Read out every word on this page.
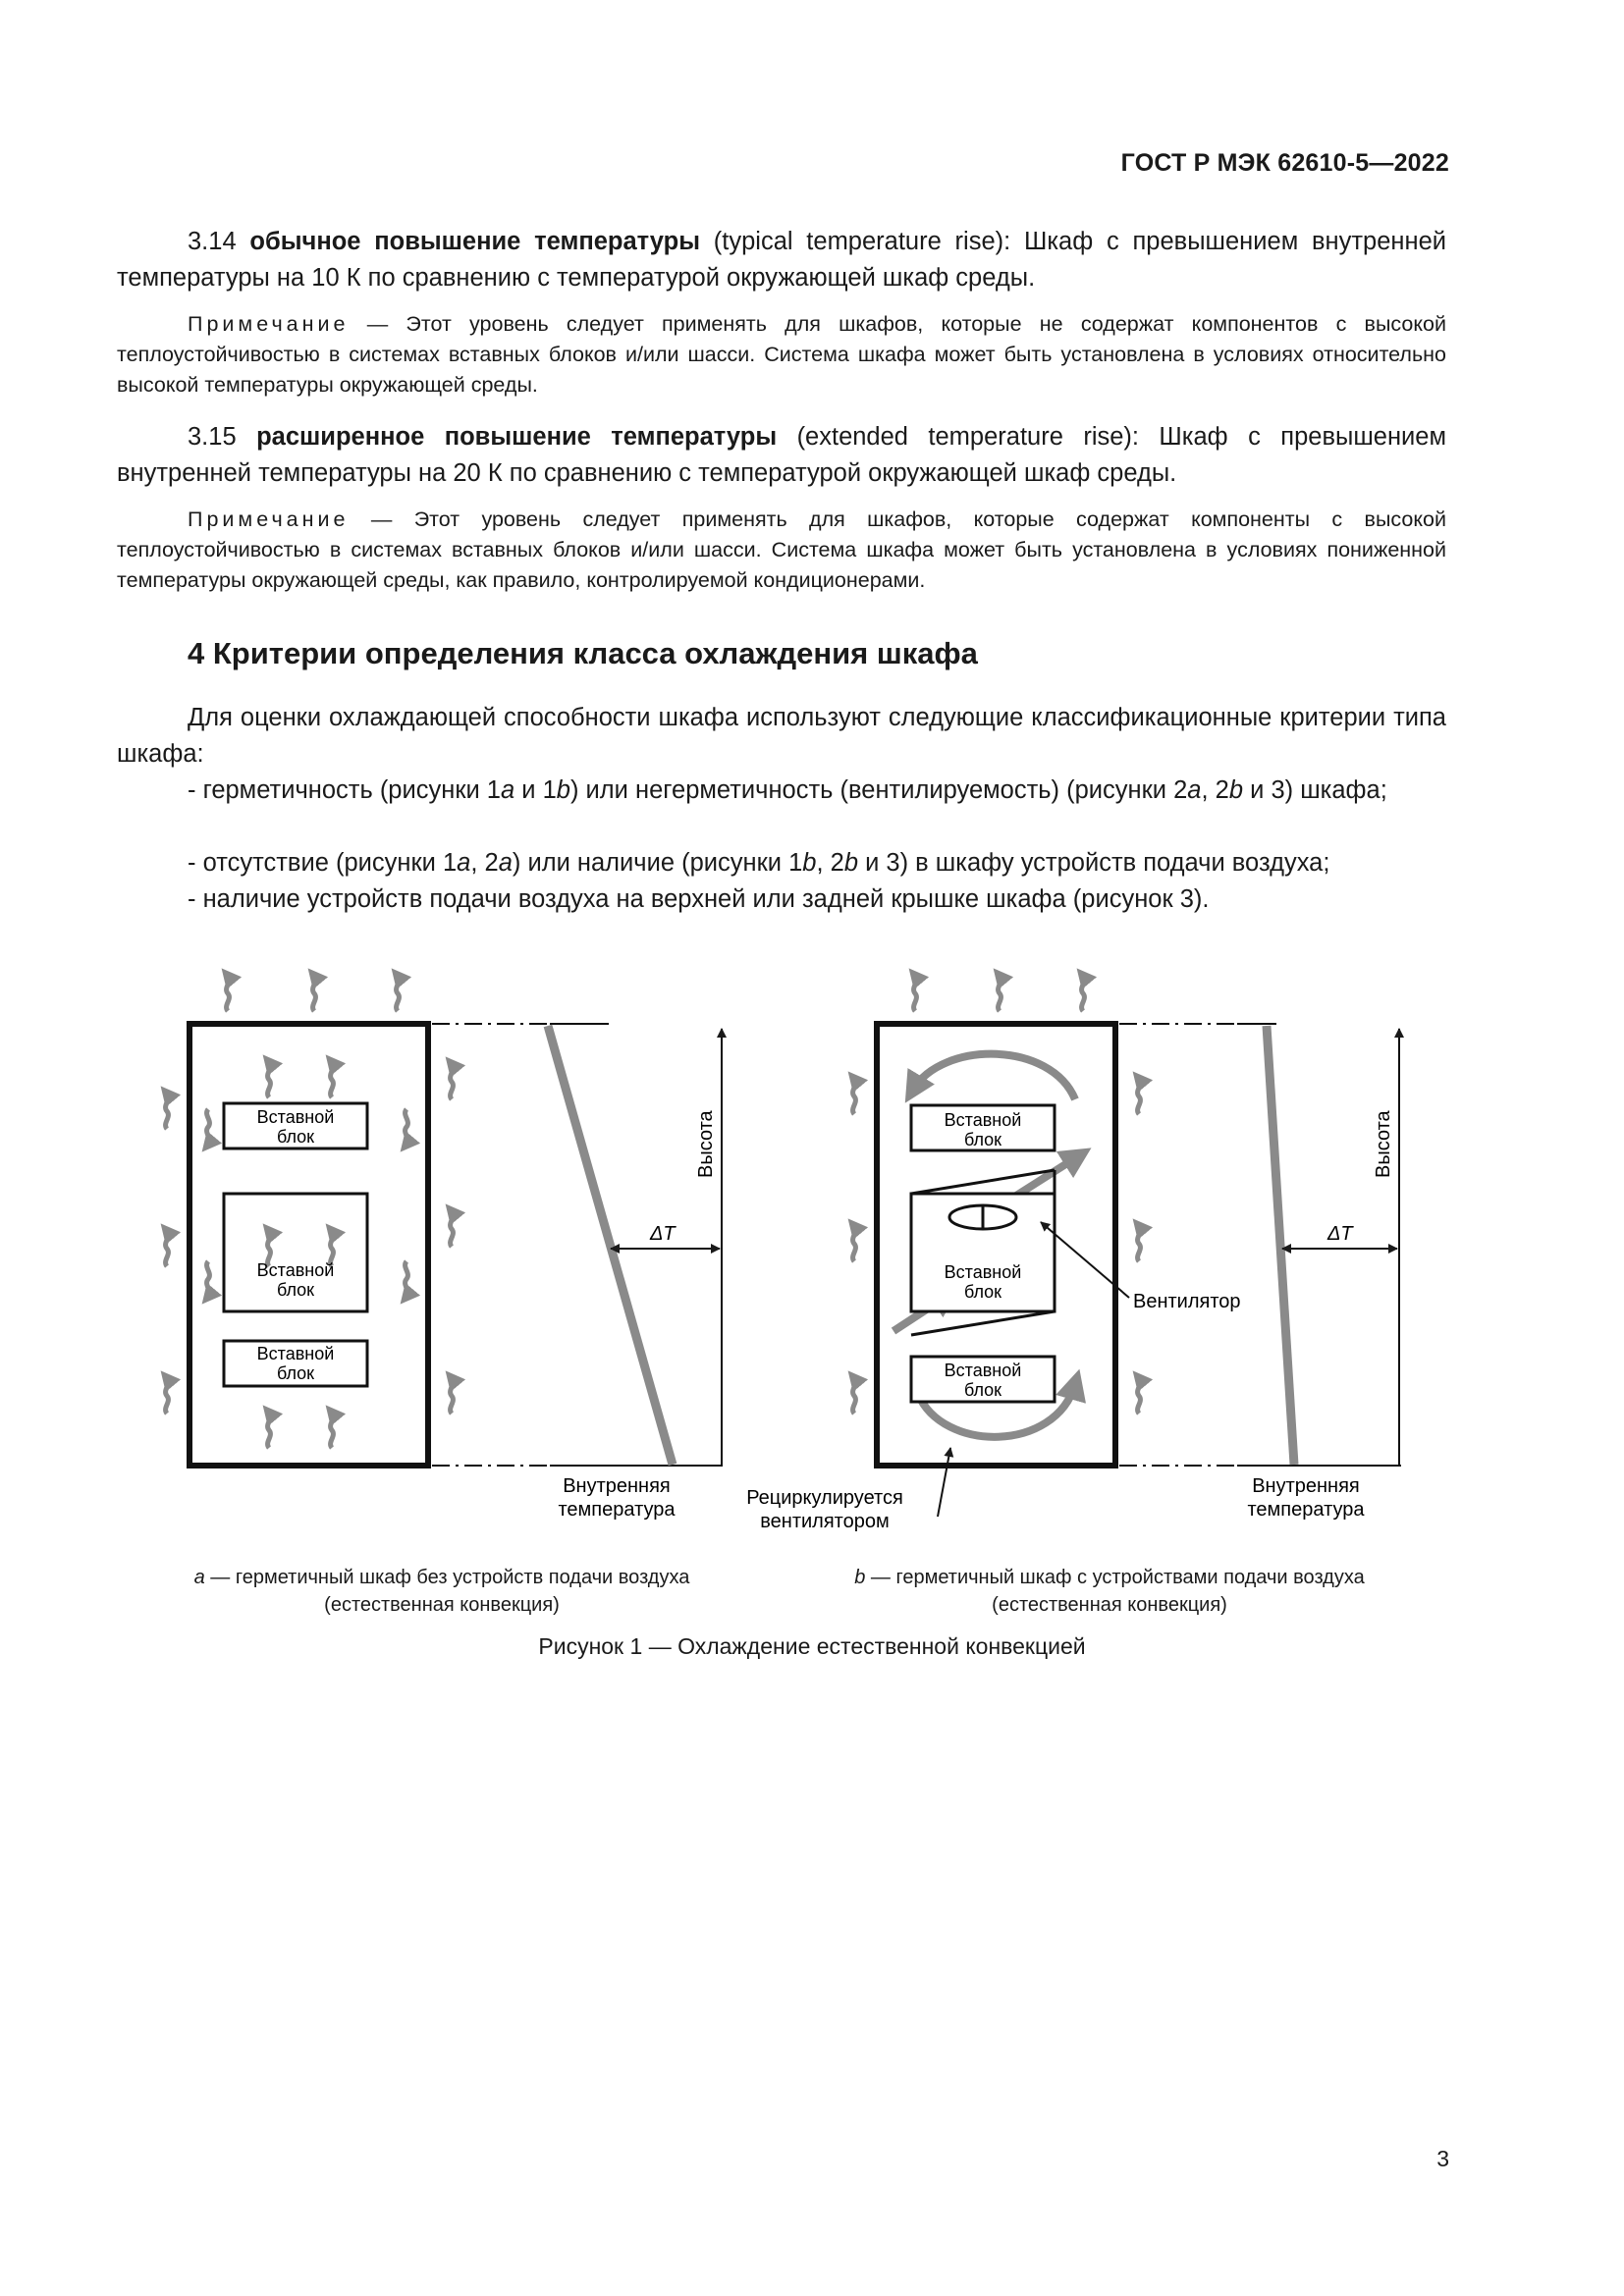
ГОСТ Р МЭК 62610-5—2022
3.14 обычное повышение температуры (typical temperature rise): Шкаф с превышением внутренней температуры на 10 К по сравнению с температурой окружающей шкаф среды.
Примечание — Этот уровень следует применять для шкафов, которые не содержат компонентов с высокой теплоустойчивостью в системах вставных блоков и/или шасси. Система шкафа может быть установлена в условиях относительно высокой температуры окружающей среды.
3.15 расширенное повышение температуры (extended temperature rise): Шкаф с превышением внутренней температуры на 20 К по сравнению с температурой окружающей шкаф среды.
Примечание — Этот уровень следует применять для шкафов, которые содержат компоненты с высокой теплоустойчивостью в системах вставных блоков и/или шасси. Система шкафа может быть установлена в условиях пониженной температуры окружающей среды, как правило, контролируемой кондиционерами.
4 Критерии определения класса охлаждения шкафа
Для оценки охлаждающей способности шкафа используют следующие классификационные критерии типа шкафа:
- герметичность (рисунки 1a и 1b) или негерметичность (вентилируемость) (рисунки 2a, 2b и 3) шкафа;
- отсутствие (рисунки 1a, 2a) или наличие (рисунки 1b, 2b и 3) в шкафу устройств подачи воздуха;
- наличие устройств подачи воздуха на верхней или задней крышке шкафа (рисунок 3).
Вставной
блок
Вставной
блок
Вставной
блок
Высота
ΔT
Внутренняя
температура
Вставной
блок
Вставной
блок
Вставной
блок
Вентилятор
Рециркулируется
вентилятором
Высота
ΔT
Внутренняя
температура
a — герметичный шкаф без устройств подачи воздуха
(естественная конвекция)
b — герметичный шкаф с устройствами подачи воздуха
(естественная конвекция)
Рисунок 1 — Охлаждение естественной конвекцией
3
